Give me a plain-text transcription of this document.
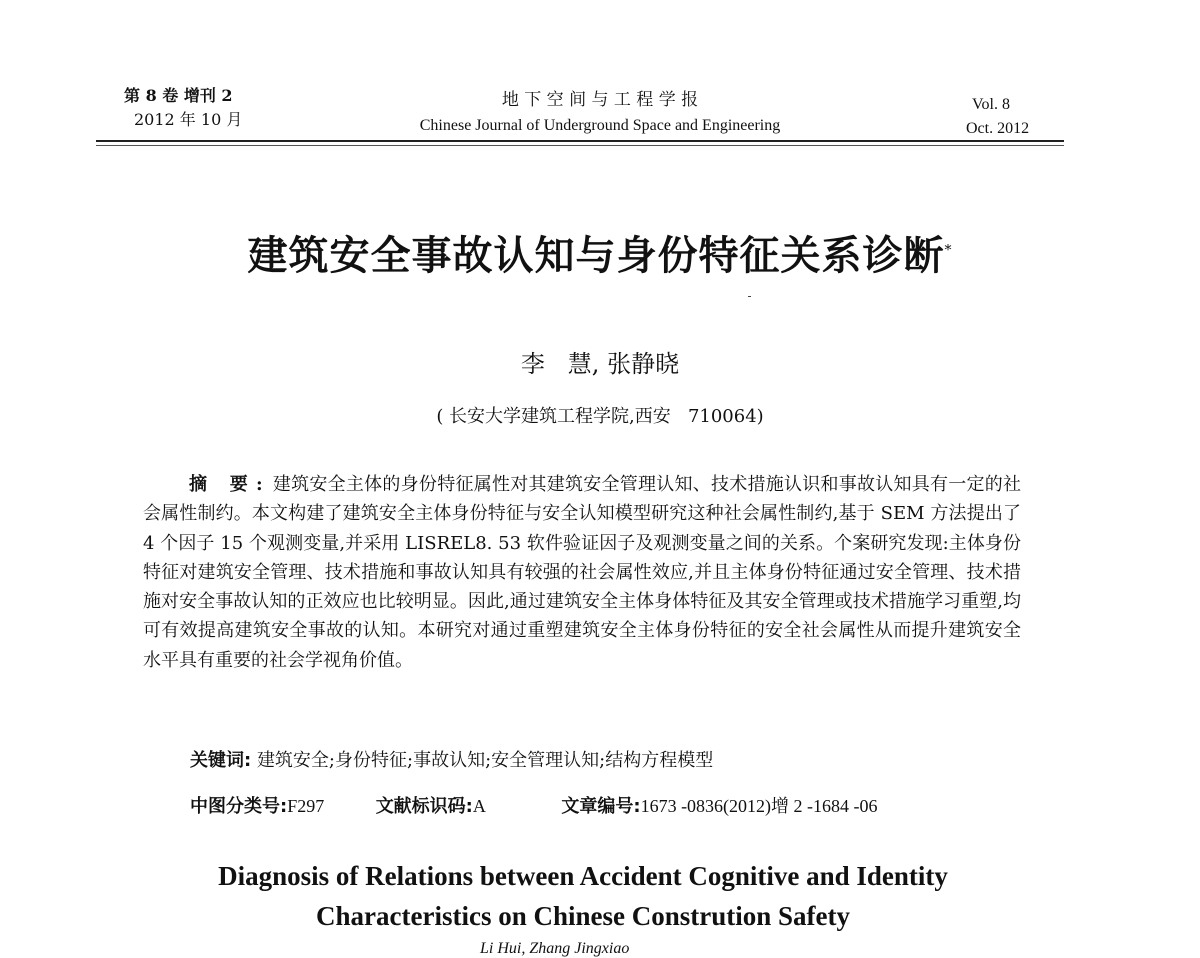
第 8 卷 增刊 2
2012 年 10 月
地 下 空 间 与 工 程 学 报
Chinese Journal of Underground Space and Engineering
Vol. 8
Oct. 2012
建筑安全事故认知与身份特征关系诊断*
李   慧, 张静晓
( 长安大学建筑工程学院,西安   710064)
摘 要: 建筑安全主体的身份特征属性对其建筑安全管理认知、技术措施认识和事故认知具有一定的社会属性制约。本文构建了建筑安全主体身份特征与安全认知模型研究这种社会属性制约,基于 SEM 方法提出了 4 个因子 15 个观测变量,并采用 LISREL8. 53 软件验证因子及观测变量之间的关系。个案研究发现:主体身份特征对建筑安全管理、技术措施和事故认知具有较强的社会属性效应,并且主体身份特征通过安全管理、技术措施对安全事故认知的正效应也比较明显。因此,通过建筑安全主体身体特征及其安全管理或技术措施学习重塑,均可有效提高建筑安全事故的认知。本研究对通过重塑建筑安全主体身份特征的安全社会属性从而提升建筑安全水平具有重要的社会学视角价值。
关键词: 建筑安全;身份特征;事故认知;安全管理认知;结构方程模型
中图分类号:F297	文献标识码:A	文章编号:1673 -0836(2012)增 2 -1684 -06
Diagnosis of Relations between Accident Cognitive and Identity
Characteristics on Chinese Constrution Safety
Li Hui, Zhang Jingxiao
